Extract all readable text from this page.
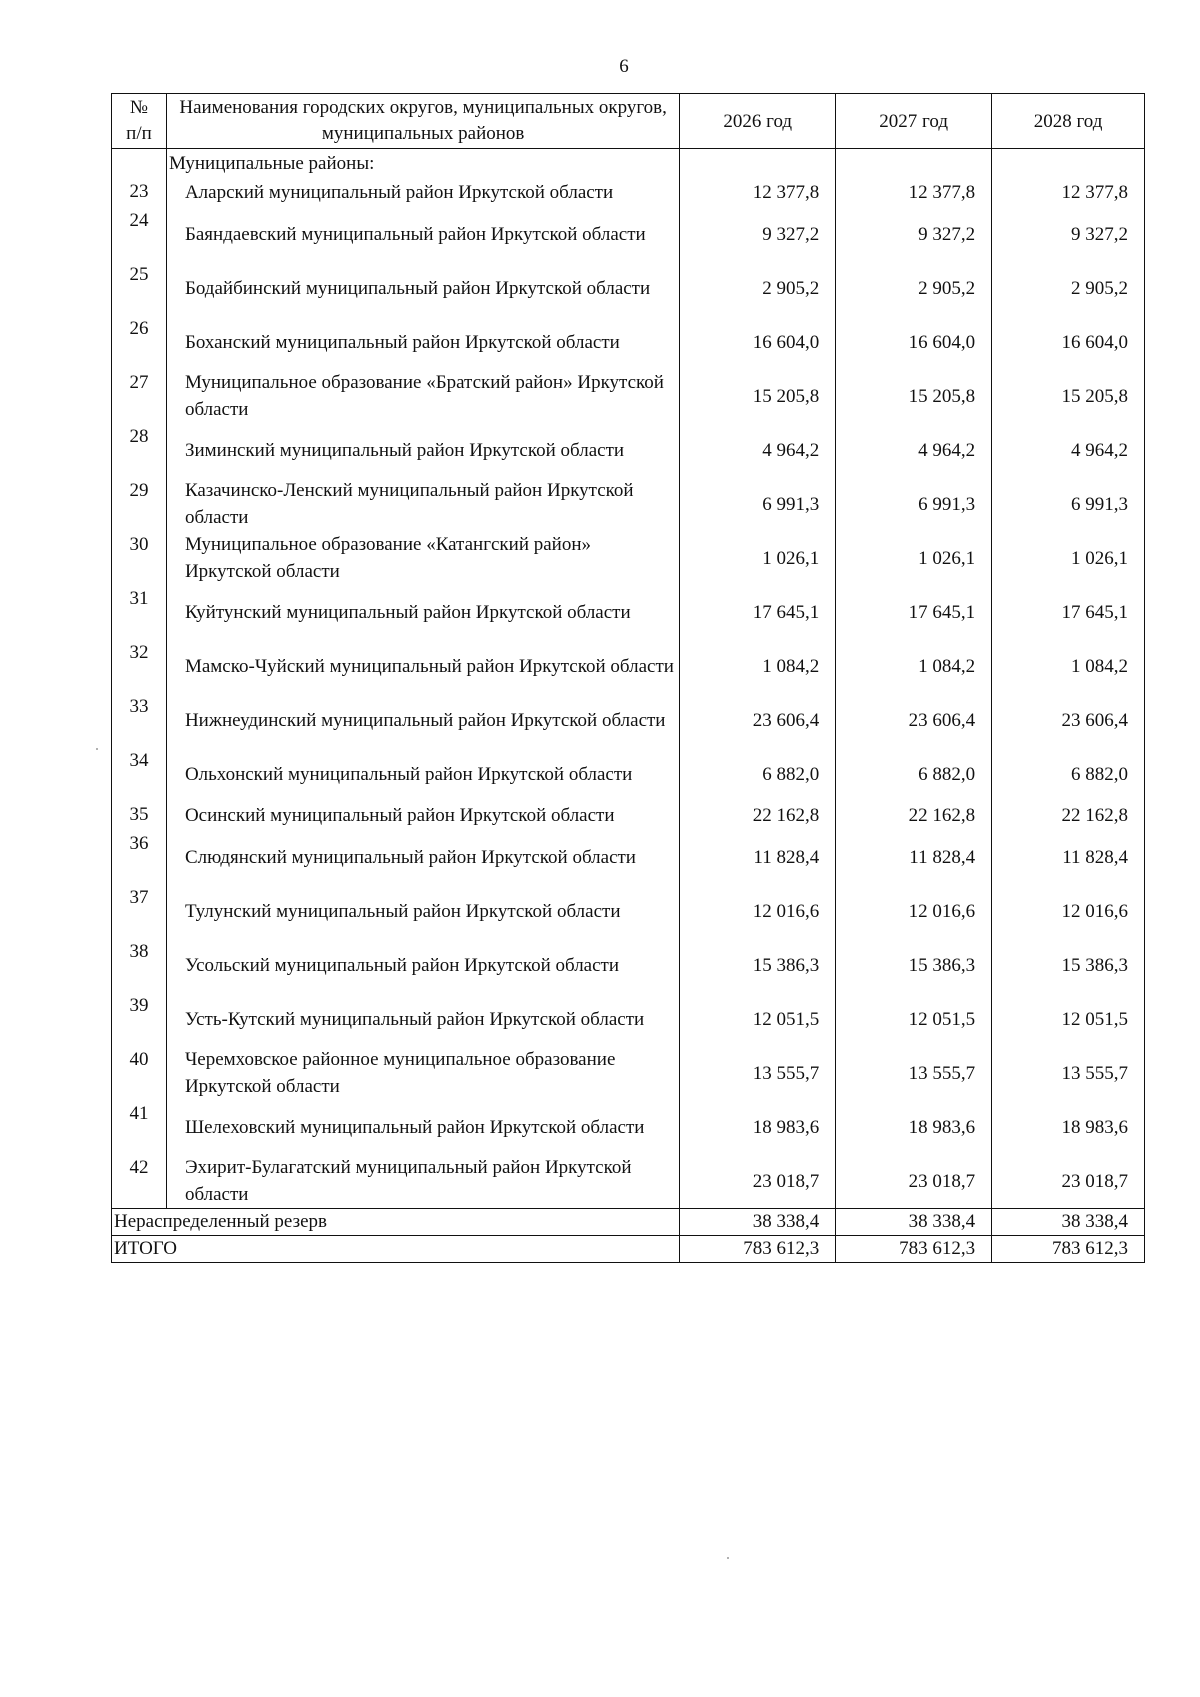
6
№
п/п	Наименования городских округов, муниципальных округов, муниципальных районов	2026 год	2027 год	2028 год
	Муниципальные районы:			
23	Аларский муниципальный район Иркутской области	12 377,8	12 377,8	12 377,8
24	Баяндаевский муниципальный район Иркутской области	9 327,2	9 327,2	9 327,2
25	Бодайбинский муниципальный район Иркутской области	2 905,2	2 905,2	2 905,2
26	Боханский муниципальный район Иркутской области	16 604,0	16 604,0	16 604,0
27	Муниципальное образование «Братский район» Иркутской области	15 205,8	15 205,8	15 205,8
28	Зиминский муниципальный район Иркутской области	4 964,2	4 964,2	4 964,2
29	Казачинско-Ленский муниципальный район Иркутской области	6 991,3	6 991,3	6 991,3
30	Муниципальное образование «Катангский район» Иркутской области	1 026,1	1 026,1	1 026,1
31	Куйтунский муниципальный район Иркутской области	17 645,1	17 645,1	17 645,1
32	Мамско-Чуйский муниципальный район Иркутской области	1 084,2	1 084,2	1 084,2
33	Нижнеудинский муниципальный район Иркутской области	23 606,4	23 606,4	23 606,4
34	Ольхонский муниципальный район Иркутской области	6 882,0	6 882,0	6 882,0
35	Осинский муниципальный район Иркутской области	22 162,8	22 162,8	22 162,8
36	Слюдянский муниципальный район Иркутской области	11 828,4	11 828,4	11 828,4
37	Тулунский муниципальный район Иркутской области	12 016,6	12 016,6	12 016,6
38	Усольский муниципальный район Иркутской области	15 386,3	15 386,3	15 386,3
39	Усть-Кутский муниципальный район Иркутской области	12 051,5	12 051,5	12 051,5
40	Черемховское районное муниципальное образование Иркутской области	13 555,7	13 555,7	13 555,7
41	Шелеховский муниципальный район Иркутской области	18 983,6	18 983,6	18 983,6
42	Эхирит-Булагатский муниципальный район Иркутской области	23 018,7	23 018,7	23 018,7
Нераспределенный резерв		38 338,4	38 338,4	38 338,4
ИТОГО		783 612,3	783 612,3	783 612,3
